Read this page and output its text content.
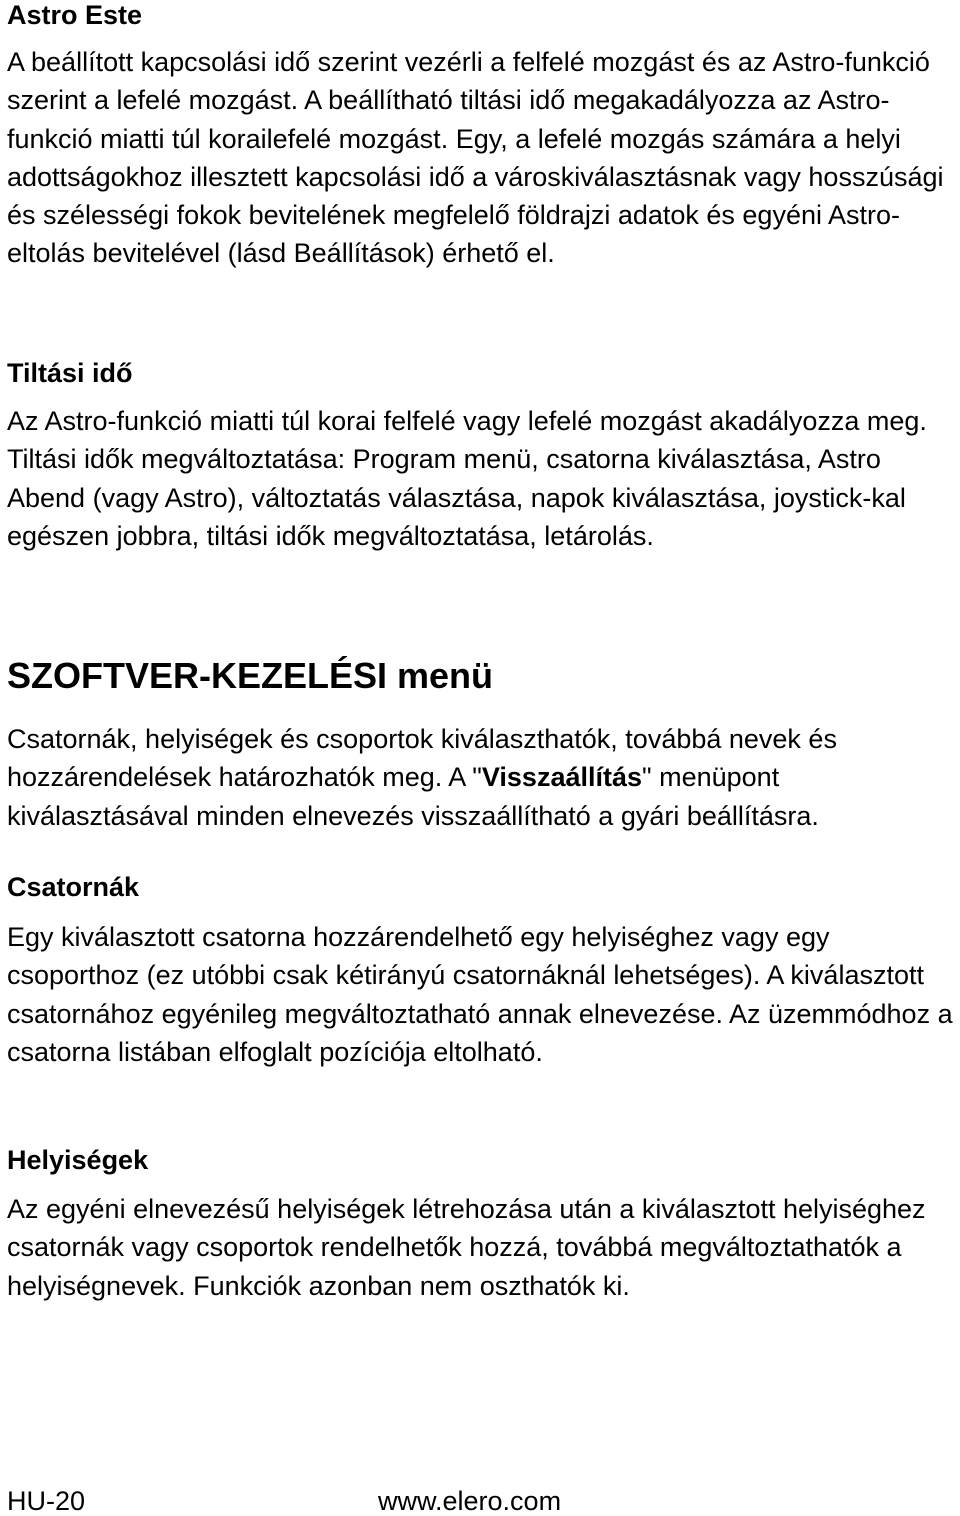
Astro Este

A beállított kapcsolási idő szerint vezérli a felfelé mozgást és az Astro-funkció szerint a lefelé mozgást. A beállítható tiltási idő megakadályozza az Astro-funkció miatti túl korailefelé mozgást. Egy, a lefelé mozgás számára a helyi adottságokhoz illesztett kapcsolási idő a városkiválasztásnak vagy hosszúsági és szélességi fokok bevitelének megfelelő földrajzi adatok és egyéni Astro-eltolás bevitelével (lásd Beállítások) érhető el.

Tiltási idő

Az Astro-funkció miatti túl korai felfelé vagy lefelé mozgást akadályozza meg. Tiltási idők megváltoztatása: Program menü, csatorna kiválasztása, Astro Abend (vagy Astro), változtatás választása, napok kiválasztása, joystick-kal egészen jobbra, tiltási idők megváltoztatása, letárolás.

SZOFTVER-KEZELÉSI menü

Csatornák, helyiségek és csoportok kiválaszthatók, továbbá nevek és hozzárendelések határozhatók meg. A "Visszaállítás" menüpont kiválasztásával minden elnevezés visszaállítható a gyári beállításra.

Csatornák

Egy kiválasztott csatorna hozzárendelhető egy helyiséghez vagy egy csoporthoz (ez utóbbi csak kétirányú csatornáknál lehetséges). A kiválasztott csatornához egyénileg megváltoztatható annak elnevezése. Az üzemmódhoz a csatorna listában elfoglalt pozíciója eltolható.

Helyiségek

Az egyéni elnevezésű helyiségek létrehozása után a kiválasztott helyiséghez csatornák vagy csoportok rendelhetők hozzá, továbbá megváltoztathatók a helyiségnevek. Funkciók azonban nem oszthatók ki.

HU-20	www.elero.com
